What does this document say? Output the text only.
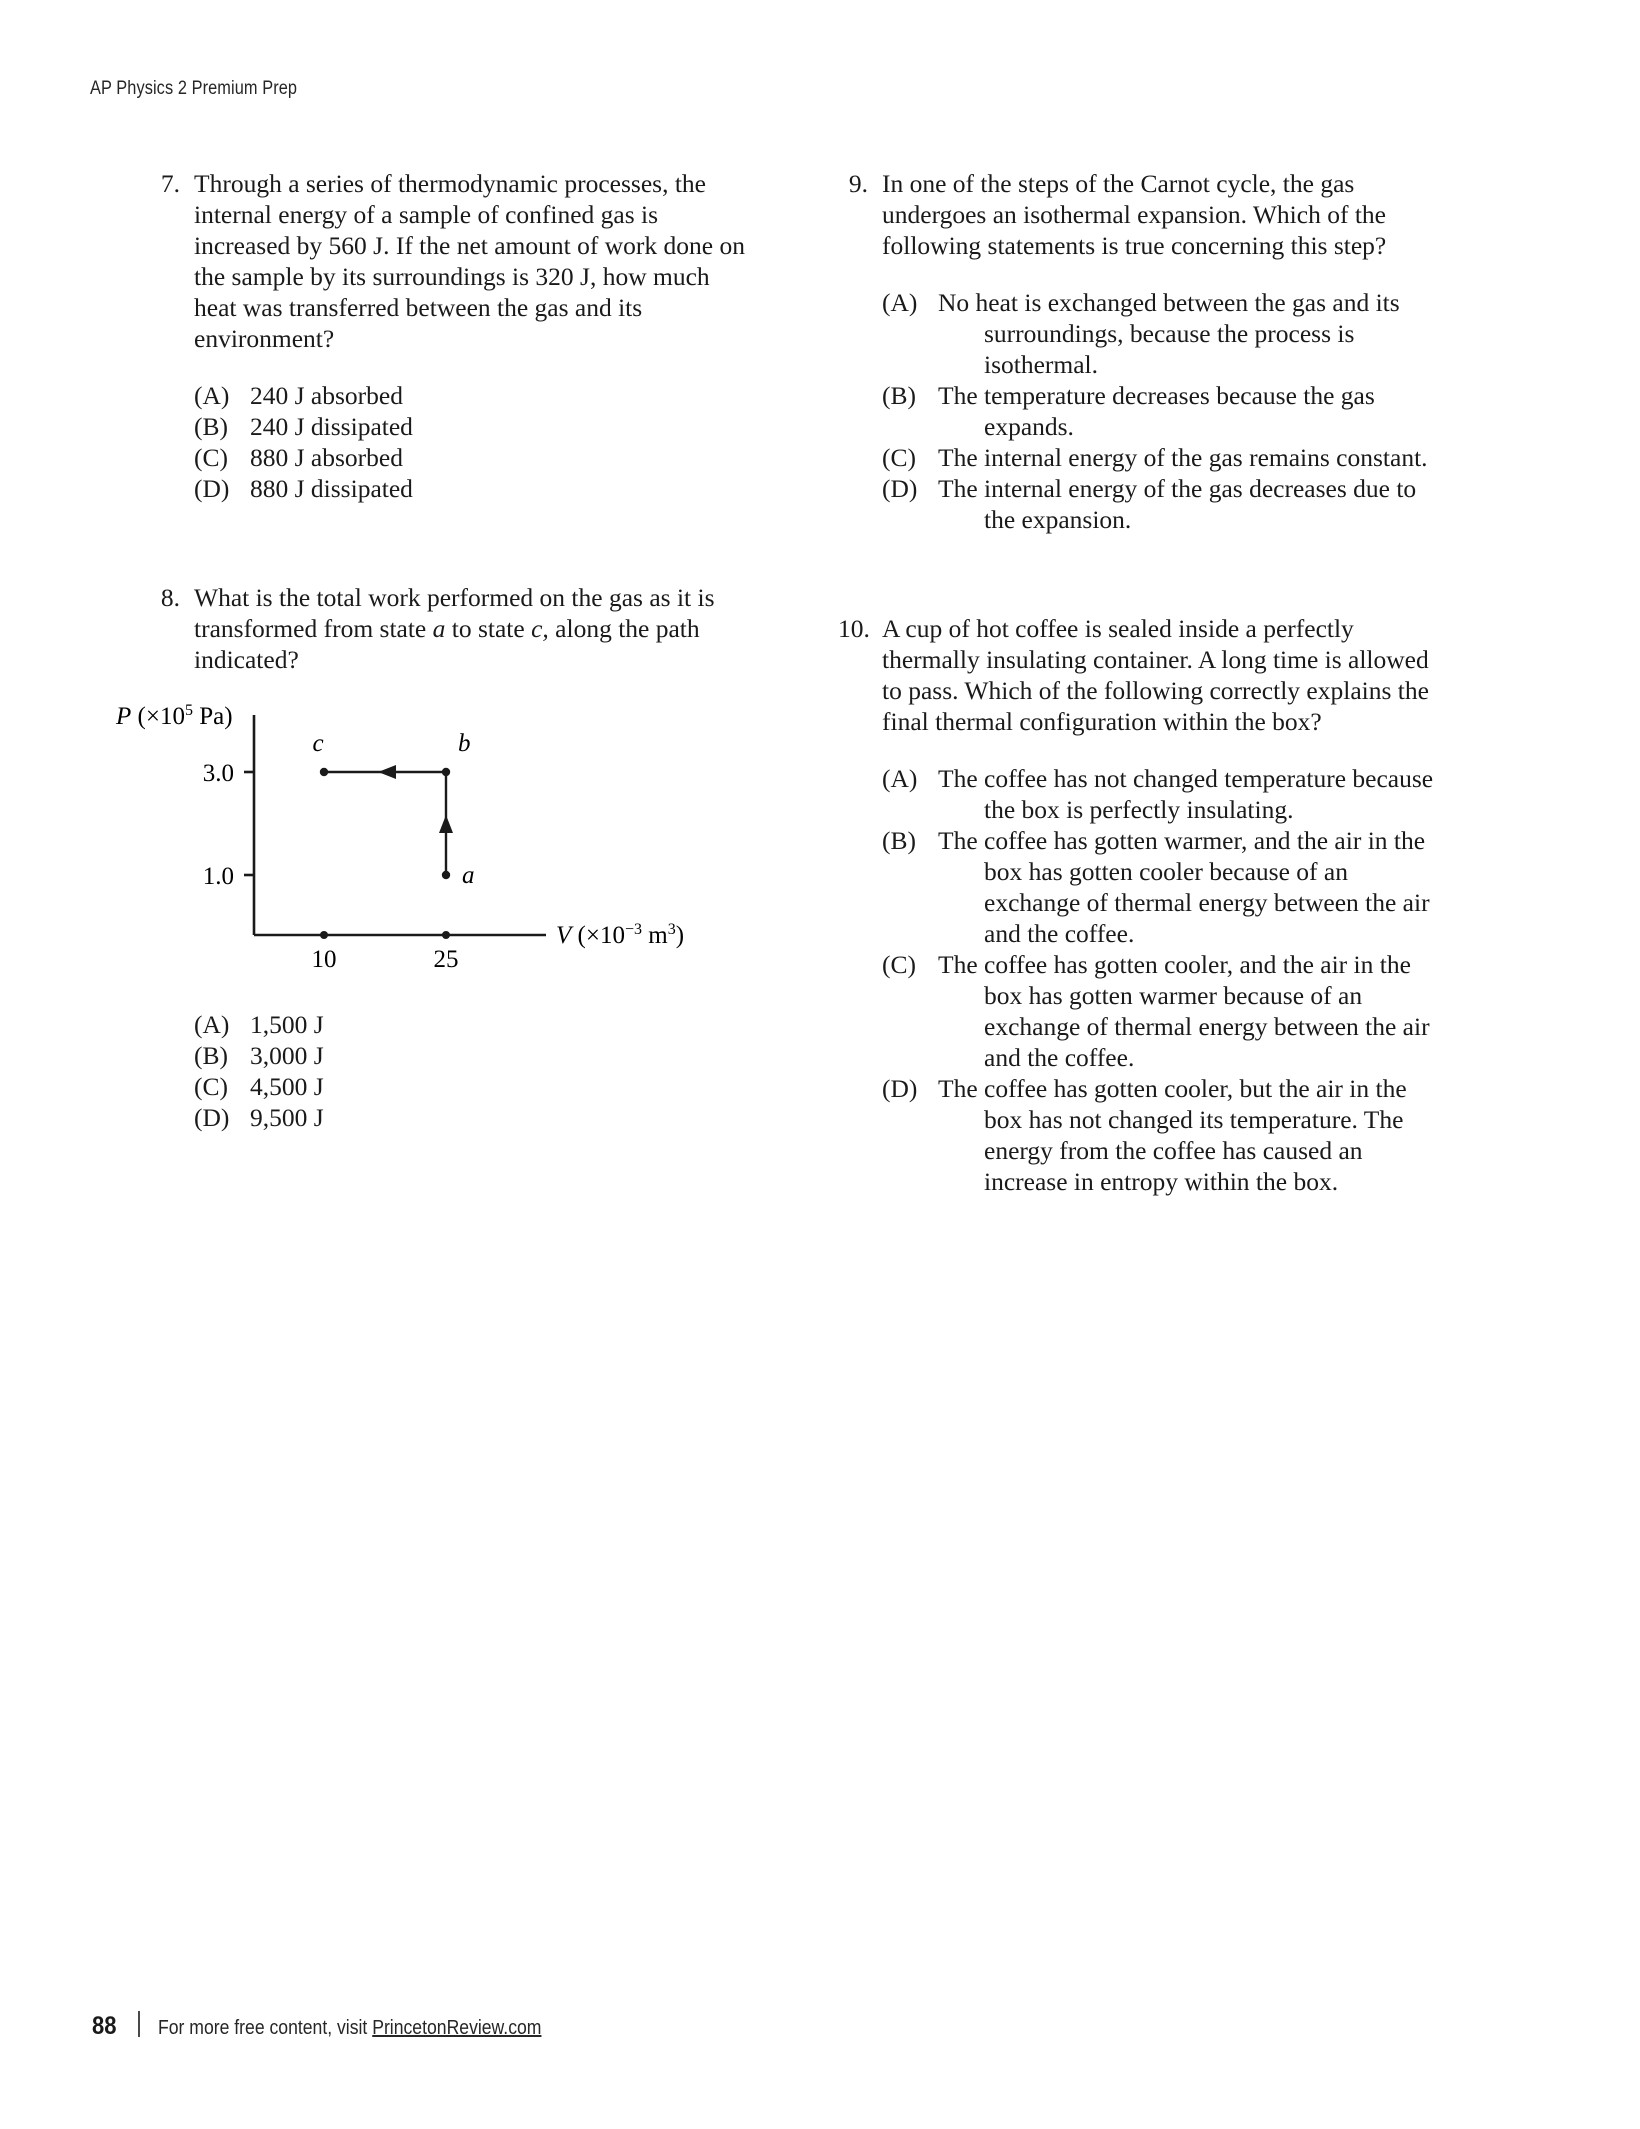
AP Physics 2 Premium Prep
7. Through a series of thermodynamic processes, the internal energy of a sample of confined gas is increased by 560 J. If the net amount of work done on the sample by its surroundings is 320 J, how much heat was transferred between the gas and its environment?
(A) 240 J absorbed
(B) 240 J dissipated
(C) 880 J absorbed
(D) 880 J dissipated
8. What is the total work performed on the gas as it is transformed from state a to state c, along the path indicated?
c	b
a
3.0
1.0
10	25
P ($\times 10^5$ Pa)
V ($\times 10^{-3}$ $m^3$)
(A) 1,500 J
(B) 3,000 J
(C) 4,500 J
(D) 9,500 J
9. In one of the steps of the Carnot cycle, the gas undergoes an isothermal expansion. Which of the following statements is true concerning this step?
(A) No heat is exchanged between the gas and its surroundings, because the process is isothermal.
(B) The temperature decreases because the gas expands.
(C) The internal energy of the gas remains constant.
(D) The internal energy of the gas decreases due to the expansion.
10. A cup of hot coffee is sealed inside a perfectly thermally insulating container. A long time is allowed to pass. Which of the following correctly explains the final thermal configuration within the box?
(A) The coffee has not changed temperature because the box is perfectly insulating.
(B) The coffee has gotten warmer, and the air in the box has gotten cooler because of an exchange of thermal energy between the air and the coffee.
(C) The coffee has gotten cooler, and the air in the box has gotten warmer because of an exchange of thermal energy between the air and the coffee.
(D) The coffee has gotten cooler, but the air in the box has not changed its temperature. The energy from the coffee has caused an increase in entropy within the box.
88 For more free content, visit PrincetonReview.com
